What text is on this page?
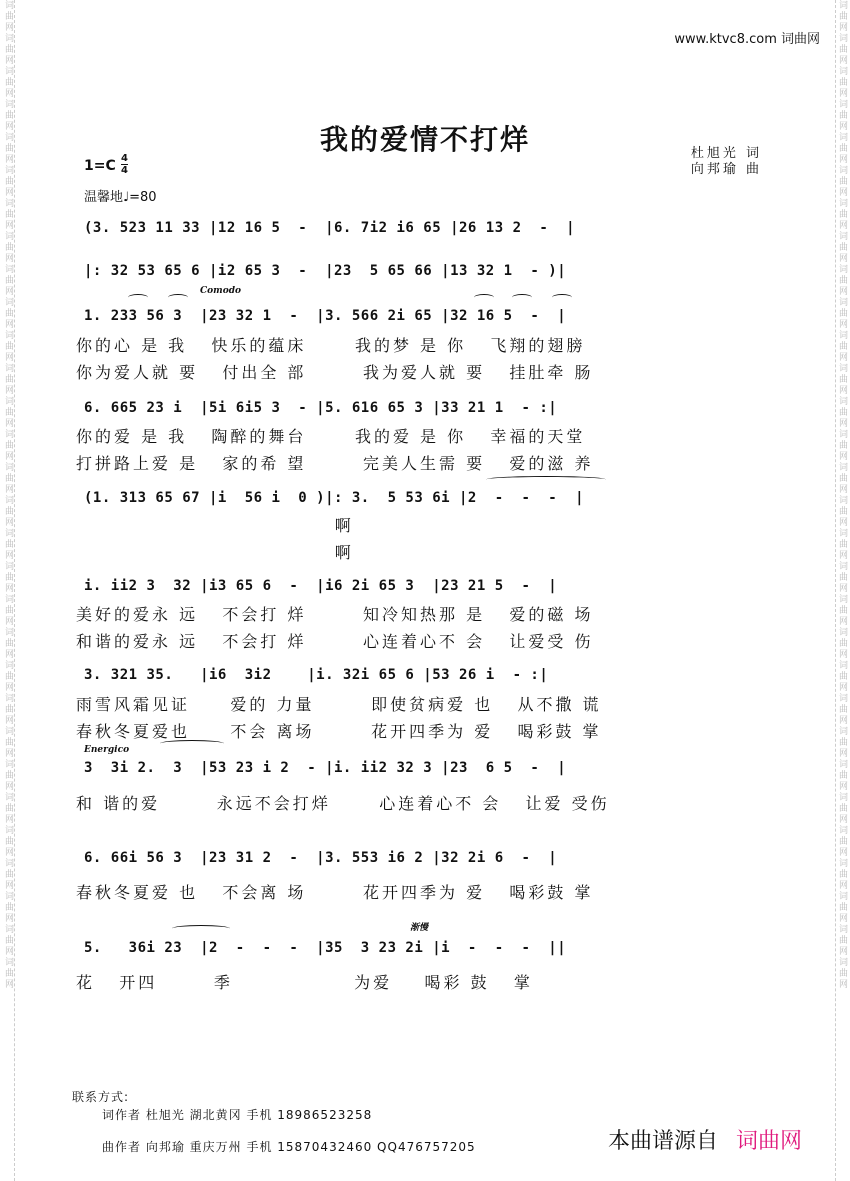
词曲网词曲网词曲网词曲网词曲网词曲网词曲网词曲网词曲网词曲网词曲网词曲网词曲网词曲网词曲网词曲网词曲网词曲网词曲网词曲网词曲网词曲网词曲网词曲网词曲网词曲网词曲网词曲网词曲网词曲网	词曲网词曲网词曲网词曲网词曲网词曲网词曲网词曲网词曲网词曲网词曲网词曲网词曲网词曲网词曲网词曲网词曲网词曲网词曲网词曲网词曲网词曲网词曲网词曲网词曲网词曲网词曲网词曲网词曲网词曲网
www.ktvc8.com 词曲网
我的爱情不打烊	杜旭光 词
向邦瑜 曲
1=C 4
4
温馨地♩=80
Comodo
Energico
渐慢
(3. 523 11 33 |12 16 5  -  |6. 7i2 i6 65 |26 13 2  -  |
|: 32 53 65 6 |i2 65 3  -  |23  5 65 66 |13 32 1  - )|
1. 233 56 3  |23 32 1  -  |3. 566 2i 65 |32 16 5  -  |
你的心 是 我   快乐的蕴床      我的梦 是 你   飞翔的翅膀
你为爱人就 要   付出全 部       我为爱人就 要   挂肚牵 肠
6. 665 23 i  |5i 6i5 3  - |5. 616 65 3 |33 21 1  - :|
你的爱 是 我   陶醉的舞台      我的爱 是 你   幸福的天堂
打拼路上爱 是   家的希 望       完美人生需 要   爱的滋 养
(1. 313 65 67 |i  56 i  0 )|: 3.  5 53 6i |2  -  -  -  |
啊
啊
i. ii2 3  32 |i3 65 6  -  |i6 2i 65 3  |23 21 5  -  |
美好的爱永 远   不会打 烊       知冷知热那 是   爱的磁 场
和谐的爱永 远   不会打 烊       心连着心不 会   让爱受 伤
3. 321 35.   |i6  3i2    |i. 32i 65 6 |53 26 i  - :|
雨雪风霜见证     爱的 力量       即使贫病爱 也   从不撒 谎
春秋冬夏爱也     不会 离场       花开四季为 爱   喝彩鼓 掌
3  3i 2.  3  |53 23 i 2  - |i. ii2 32 3 |23  6 5  -  |
和 谐的爱       永远不会打烊      心连着心不 会   让爱 受伤
6. 66i 56 3  |23 31 2  -  |3. 553 i6 2 |32 2i 6  -  |
春秋冬夏爱 也   不会离 场       花开四季为 爱   喝彩鼓 掌
5.   36i 23  |2  -  -  -  |35  3 23 2i |i  -  -  -  ||
花   开四       季               为爱    喝彩 鼓   掌
联系方式:
词作者 杜旭光 湖北黄冈 手机 18986523258
曲作者 向邦瑜 重庆万州 手机 15870432460 QQ476757205	本曲谱源自 词曲网
